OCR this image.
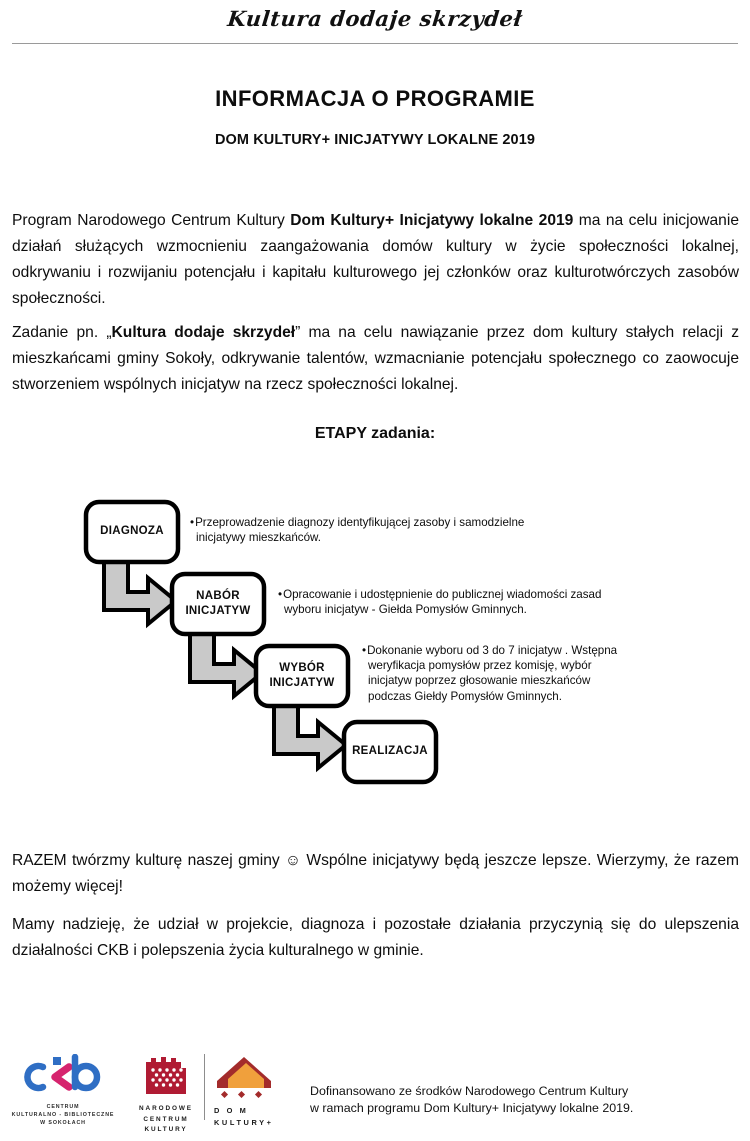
Kultura dodaje skrzydeł
INFORMACJA O PROGRAMIE
DOM KULTURY+ INICJATYWY LOKALNE 2019
Program Narodowego Centrum Kultury Dom Kultury+ Inicjatywy lokalne 2019 ma na celu inicjowanie działań służących wzmocnieniu zaangażowania domów kultury w życie społeczności lokalnej, odkrywaniu i rozwijaniu potencjału i kapitału kulturowego jej członków oraz kulturotwórczych zasobów społeczności.
Zadanie pn. „Kultura dodaje skrzydeł” ma na celu nawiązanie przez dom kultury stałych relacji z mieszkańcami gminy Sokoły, odkrywanie talentów, wzmacnianie potencjału społecznego co zaowocuje stworzeniem wspólnych inicjatyw na rzecz społeczności lokalnej.
ETAPY zadania:
DIAGNOZA
NABÓR
INICJATYW
WYBÓR
INICJATYW
REALIZACJA
•Przeprowadzenie diagnozy identyfikującej zasoby i samodzielne
inicjatywy mieszkańców.
•Opracowanie i udostępnienie do publicznej wiadomości zasad
wyboru inicjatyw - Giełda Pomysłów Gminnych.
•Dokonanie wyboru od 3 do 7 inicjatyw . Wstępna
weryfikacja pomysłów przez komisję, wybór
inicjatyw poprzez głosowanie mieszkańców
podczas Giełdy Pomysłów Gminnych.
RAZEM twórzmy kulturę naszej gminy ☺ Wspólne inicjatywy będą jeszcze lepsze. Wierzymy, że razem możemy więcej!
Mamy nadzieję, że udział w projekcie, diagnoza i pozostałe działania przyczynią się do ulepszenia działalności CKB i polepszenia życia kulturalnego w gminie.
CENTRUM
KULTURALNO - BIBLIOTECZNE
W SOKOŁACH
NARODOWE
CENTRUM
KULTURY
D O M
KULTURY+
Dofinansowano ze środków Narodowego Centrum Kultury
w ramach programu Dom Kultury+ Inicjatywy lokalne 2019.
